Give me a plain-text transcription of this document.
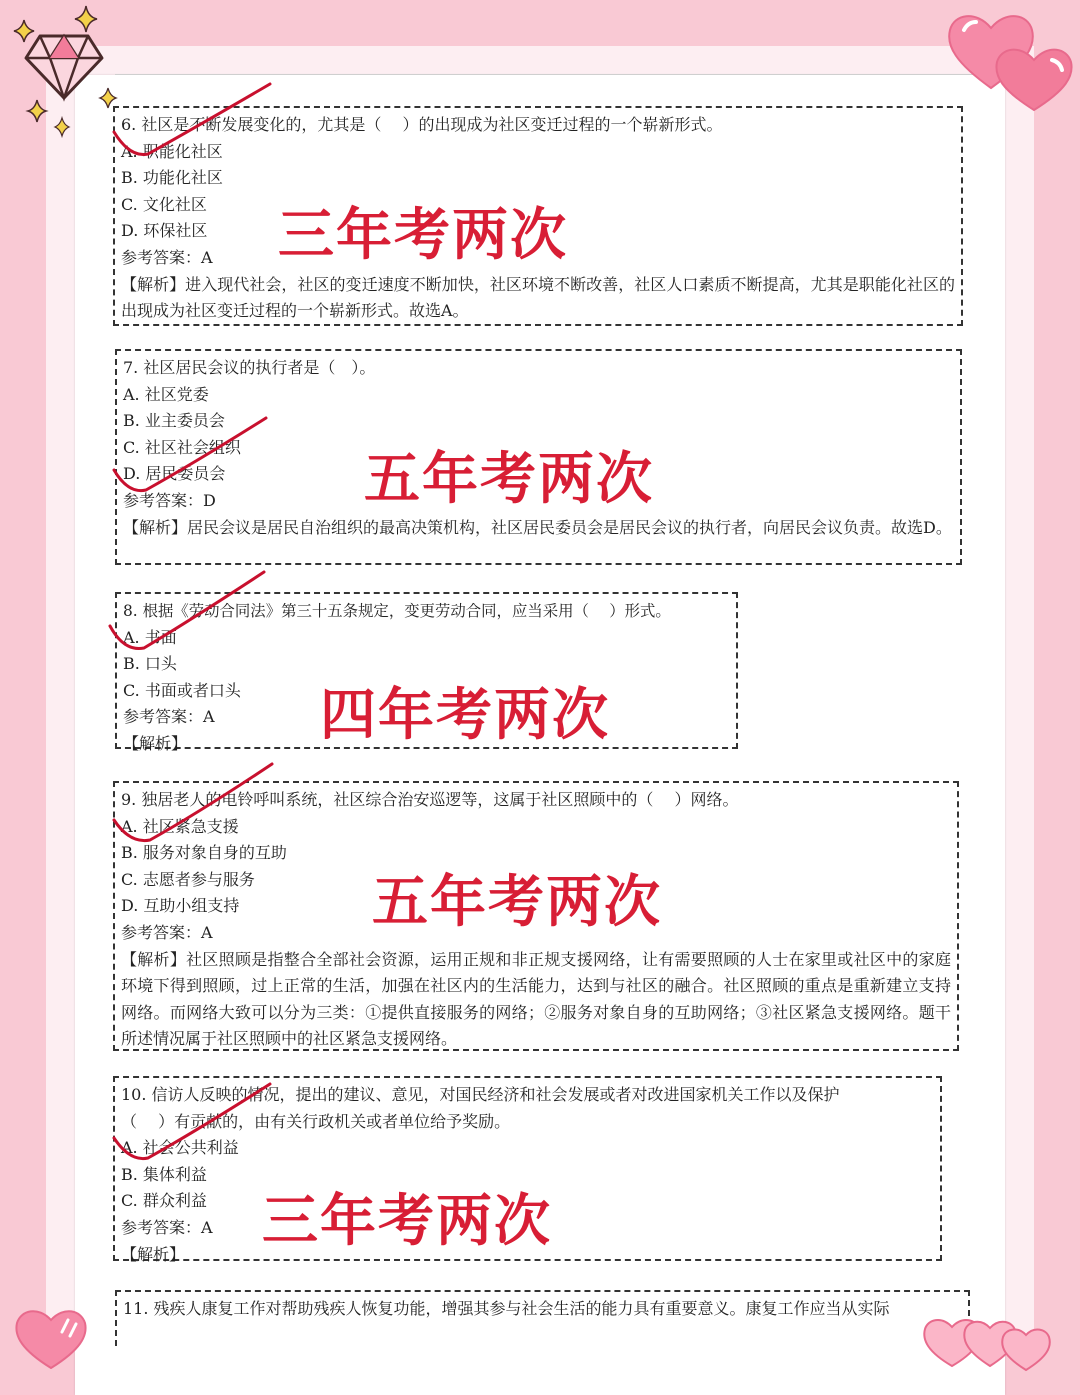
6. 社区是不断发展变化的，尤其是（　 ）的出现成为社区变迁过程的一个崭新形式。
A. 职能化社区
B. 功能化社区
C. 文化社区
D. 环保社区
参考答案：A
【解析】进入现代社会，社区的变迁速度不断加快，社区环境不断改善，社区人口素质不断提高，尤其是职能化社区的出现成为社区变迁过程的一个崭新形式。故选A。
7. 社区居民会议的执行者是（　）。
A. 社区党委
B. 业主委员会
C. 社区社会组织
D. 居民委员会
参考答案：D
【解析】居民会议是居民自治组织的最高决策机构，社区居民委员会是居民会议的执行者，向居民会议负责。故选D。
8. 根据《劳动合同法》第三十五条规定，变更劳动合同，应当采用（　 ）形式。
A. 书面
B. 口头
C. 书面或者口头
参考答案：A
【解析】
9. 独居老人的电铃呼叫系统，社区综合治安巡逻等，这属于社区照顾中的（　 ）网络。
A. 社区紧急支援
B. 服务对象自身的互助
C. 志愿者参与服务
D. 互助小组支持
参考答案：A
【解析】社区照顾是指整合全部社会资源，运用正规和非正规支援网络，让有需要照顾的人士在家里或社区中的家庭环境下得到照顾，过上正常的生活，加强在社区内的生活能力，达到与社区的融合。社区照顾的重点是重新建立支持网络。而网络大致可以分为三类：①提供直接服务的网络；②服务对象自身的互助网络；③社区紧急支援网络。题干所述情况属于社区照顾中的社区紧急支援网络。
10. 信访人反映的情况，提出的建议、意见，对国民经济和社会发展或者对改进国家机关工作以及保护
（　 ）有贡献的，由有关行政机关或者单位给予奖励。
A. 社会公共利益
B. 集体利益
C. 群众利益
参考答案：A
【解析】
11. 残疾人康复工作对帮助残疾人恢复功能，增强其参与社会生活的能力具有重要意义。康复工作应当从实际
三年考两次
五年考两次
四年考两次
五年考两次
三年考两次
